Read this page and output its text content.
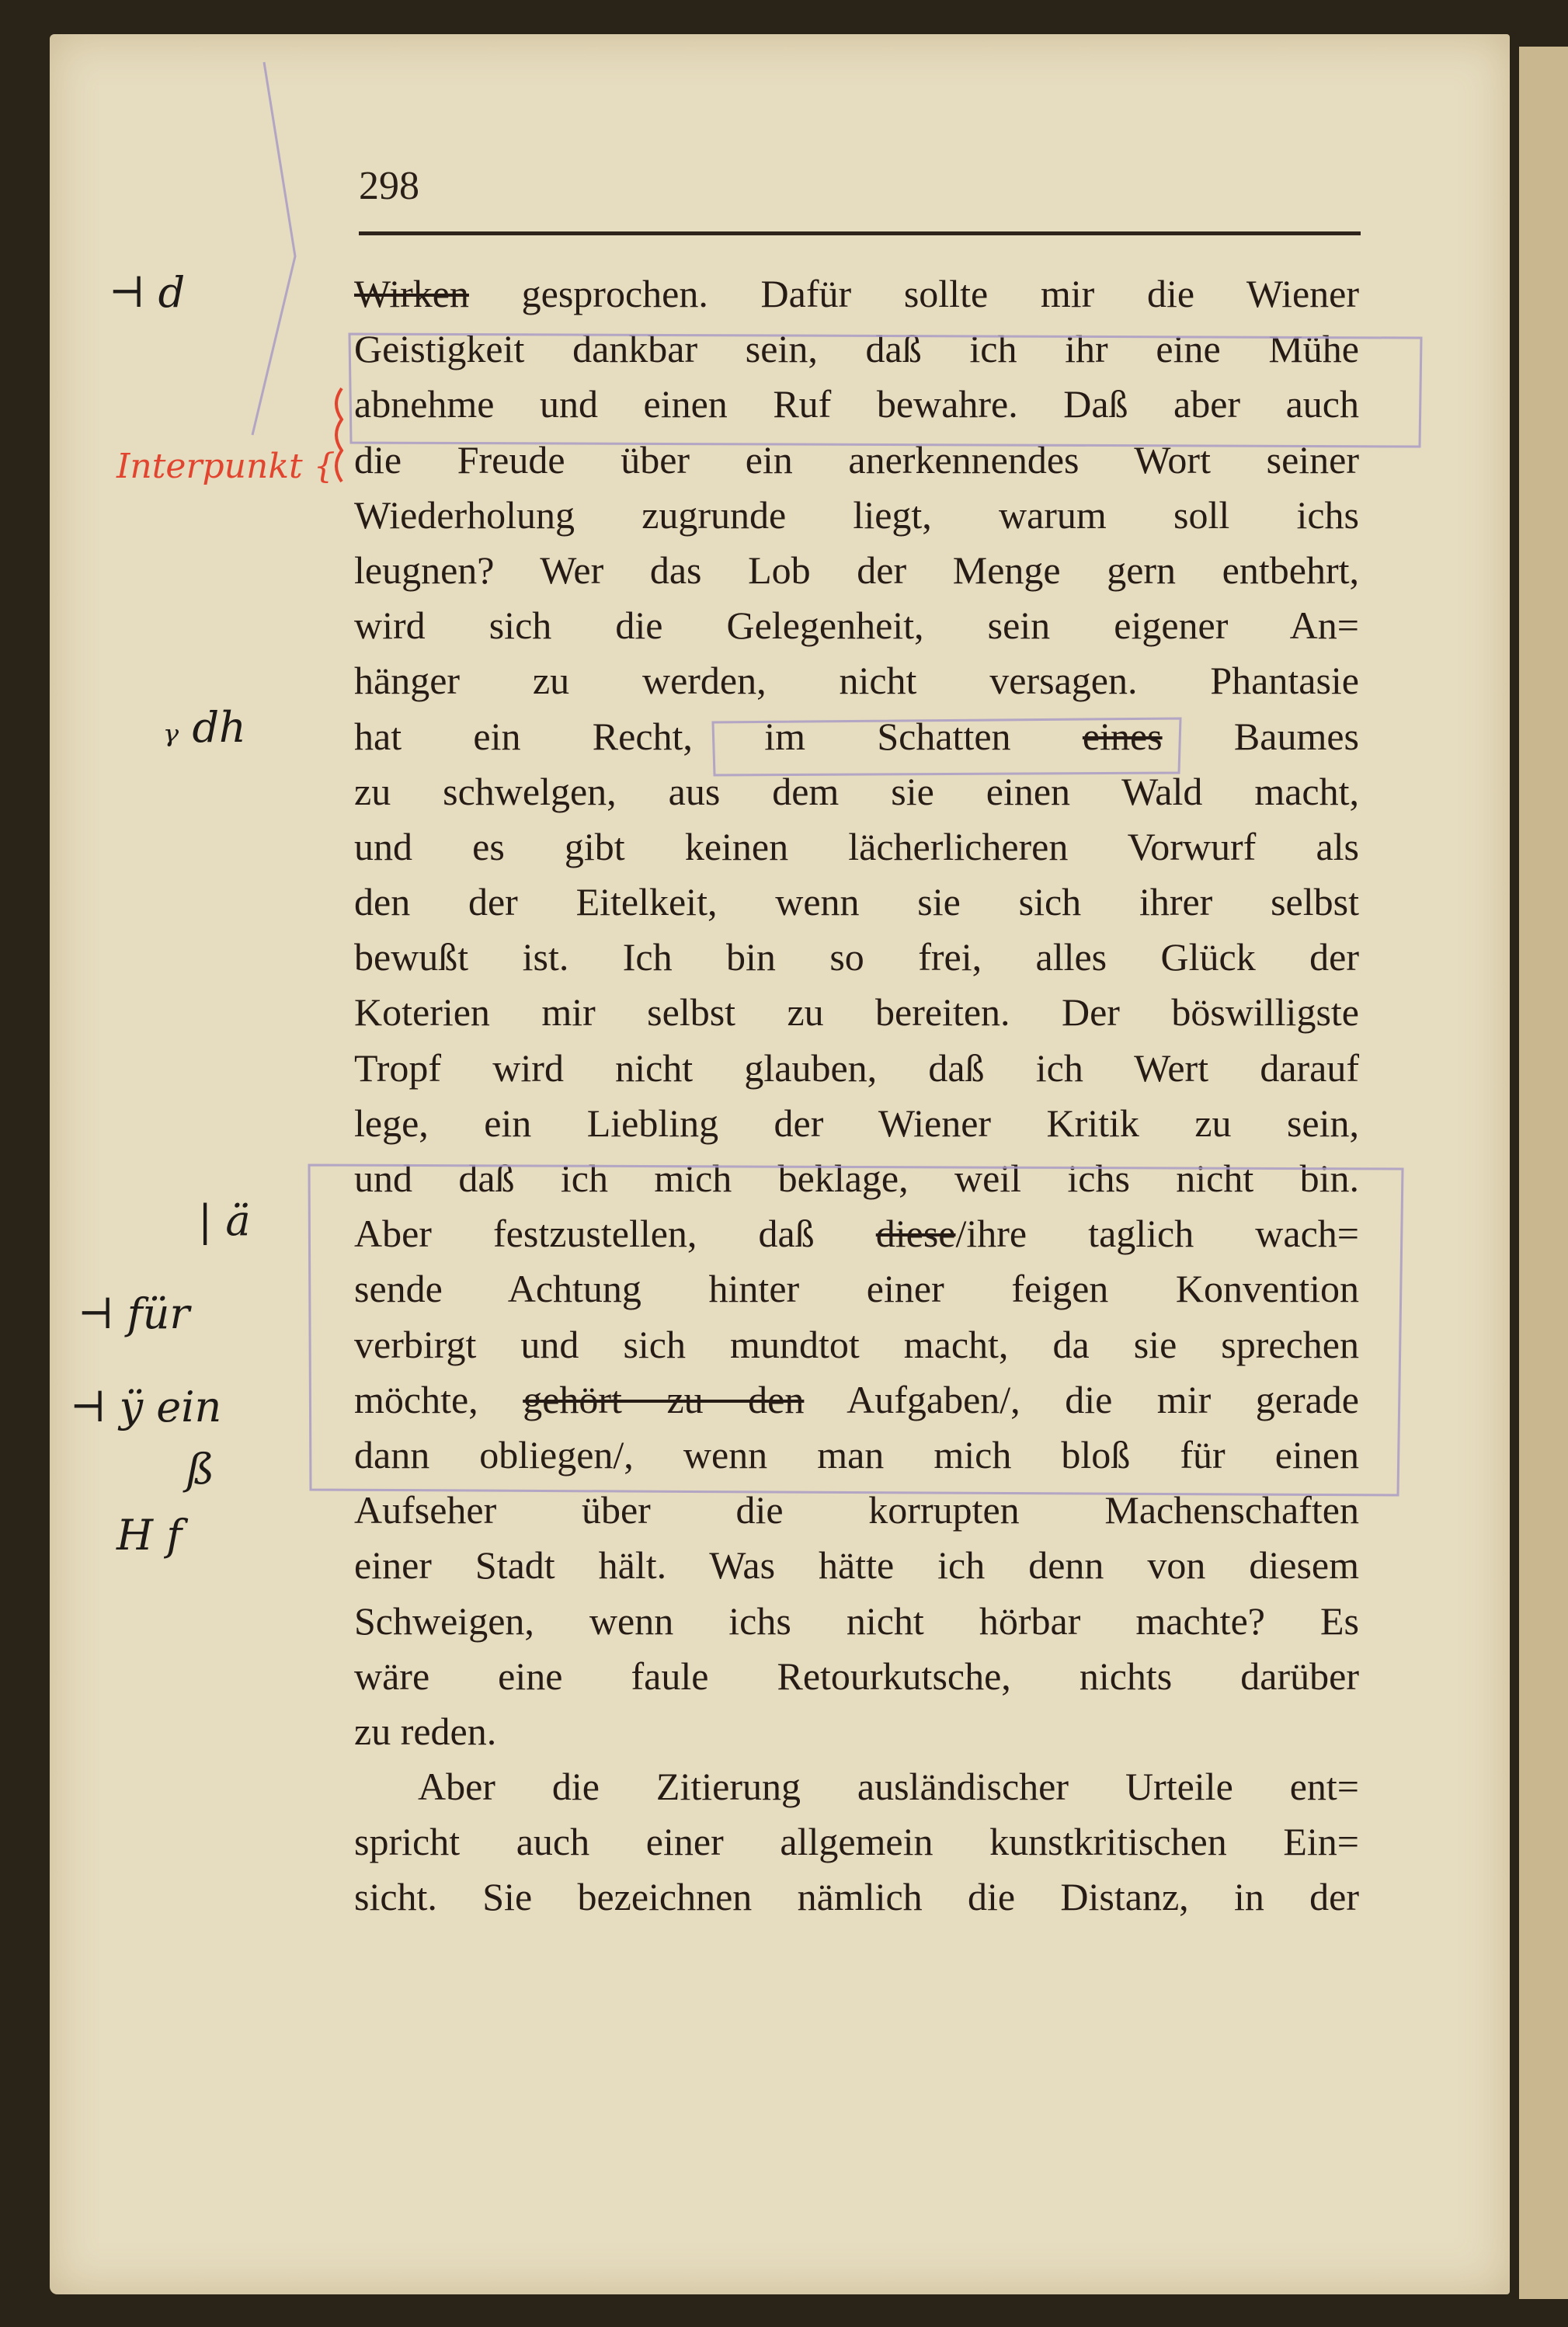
298
Wirken gesprochen. Dafür sollte mir die Wiener
Geistigkeit dankbar sein, daß ich ihr eine Mühe
abnehme und einen Ruf bewahre. Daß aber auch
die Freude über ein anerkennendes Wort seiner
Wiederholung zugrunde liegt, warum soll ichs
leugnen? Wer das Lob der Menge gern entbehrt,
wird sich die Gelegenheit, sein eigener An=
hänger zu werden, nicht versagen. Phantasie
hat ein Recht, im Schatten eines Baumes
zu schwelgen, aus dem sie einen Wald macht,
und es gibt keinen lächerlicheren Vorwurf als
den der Eitelkeit, wenn sie sich ihrer selbst
bewußt ist. Ich bin so frei, alles Glück der
Koterien mir selbst zu bereiten. Der böswilligste
Tropf wird nicht glauben, daß ich Wert darauf
lege, ein Liebling der Wiener Kritik zu sein,
und daß ich mich beklage, weil ichs nicht bin.
Aber festzustellen, daß diese/ihre taglich wach=
sende Achtung hinter einer feigen Konvention
verbirgt und sich mundtot macht, da sie sprechen
möchte, gehört zu den Aufgaben/, die mir gerade
dann obliegen/, wenn man mich bloß für einen
Aufseher über die korrupten Machenschaften
einer Stadt hält. Was hätte ich denn von diesem
Schweigen, wenn ichs nicht hörbar machte? Es
wäre eine faule Retourkutsche, nichts darüber
zu reden.
Aber die Zitierung ausländischer Urteile ent=
spricht auch einer allgemein kunstkritischen Ein=
sicht. Sie bezeichnen nämlich die Distanz, in der
⊣ d
Interpunkt {
ᵧ dh
| ä
⊣ für
⊣ ÿ ein
ß
H f
